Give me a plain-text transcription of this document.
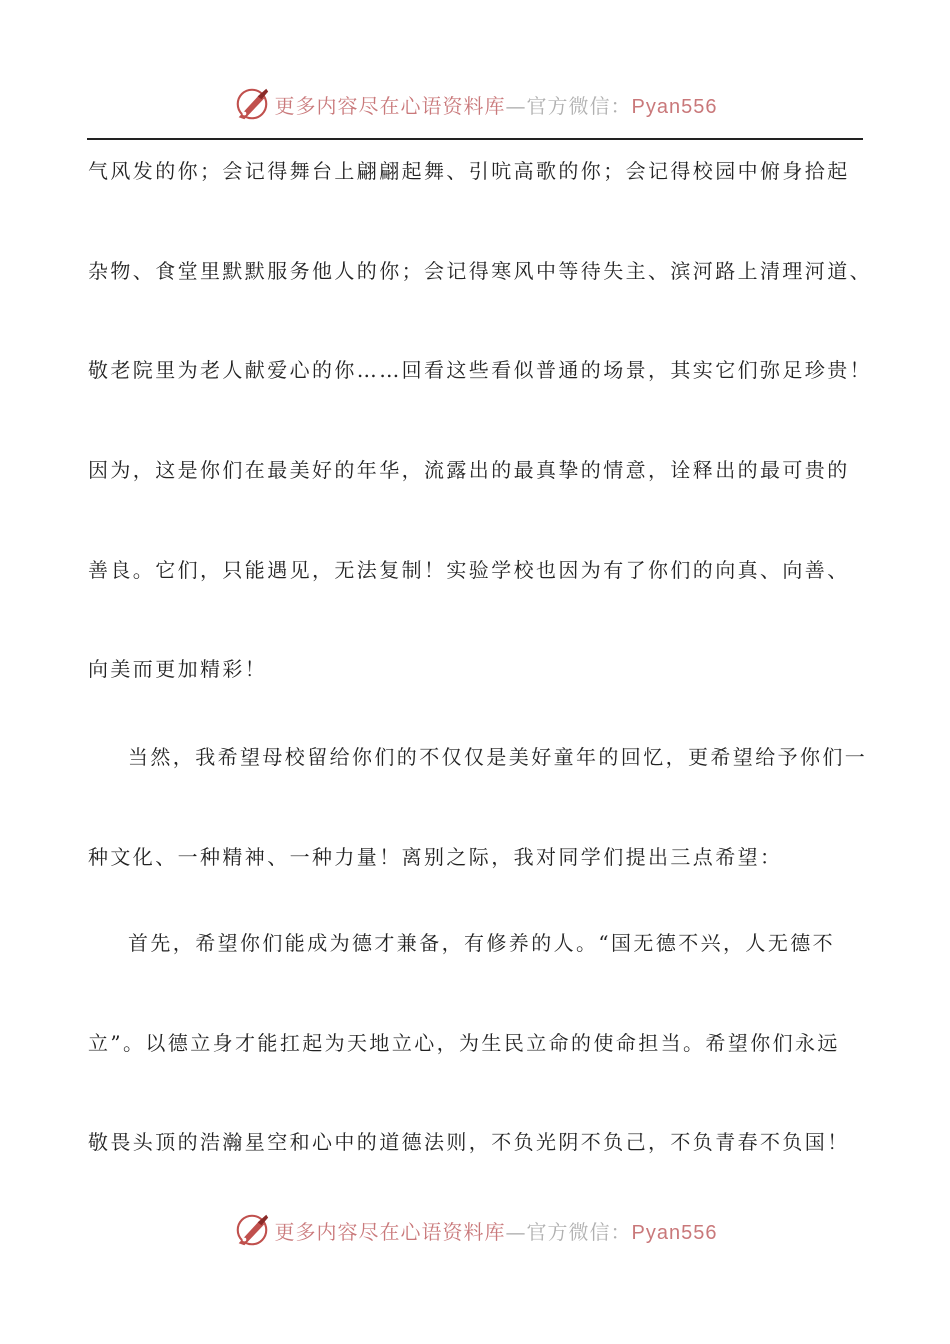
更多内容尽在心语资料库—官方微信：Pyan556
气风发的你；会记得舞台上翩翩起舞、引吭高歌的你；会记得校园中俯身拾起
杂物、食堂里默默服务他人的你；会记得寒风中等待失主、滨河路上清理河道、
敬老院里为老人献爱心的你……回看这些看似普通的场景，其实它们弥足珍贵！
因为，这是你们在最美好的年华，流露出的最真挚的情意，诠释出的最可贵的
善良。它们，只能遇见，无法复制！实验学校也因为有了你们的向真、向善、
向美而更加精彩！
当然，我希望母校留给你们的不仅仅是美好童年的回忆，更希望给予你们一
种文化、一种精神、一种力量！离别之际，我对同学们提出三点希望：
首先，希望你们能成为德才兼备，有修养的人。“国无德不兴，人无德不
立”。以德立身才能扛起为天地立心，为生民立命的使命担当。希望你们永远
敬畏头顶的浩瀚星空和心中的道德法则，不负光阴不负己，不负青春不负国！
更多内容尽在心语资料库—官方微信：Pyan556
